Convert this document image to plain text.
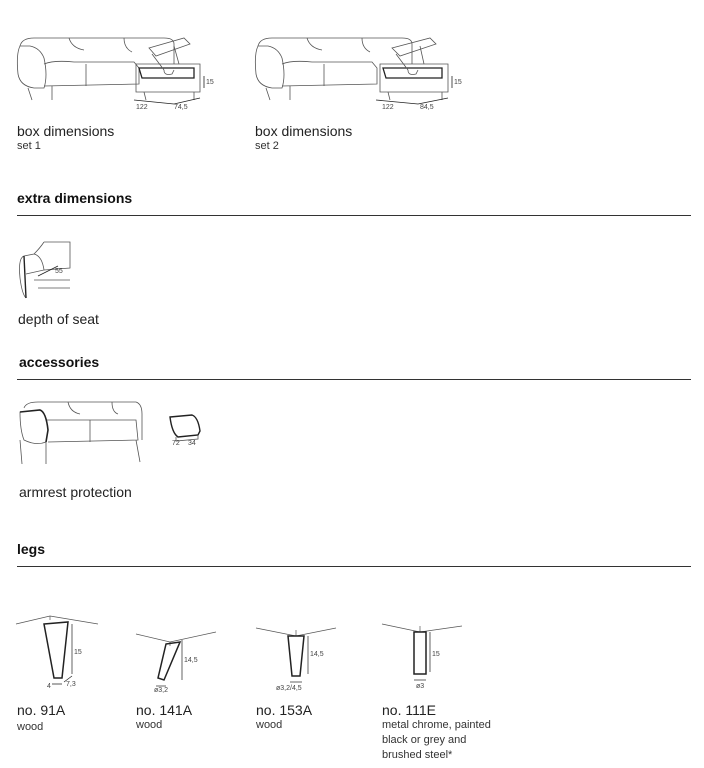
122	74,5
15
box dimensions
set 1
122	84,5
15
box dimensions
set 2
extra dimensions
55
depth of seat
accessories
72 34
armrest protection
legs
15
4 7,3
no. 91A
wood
14,5
ø3,2
no. 141A
wood
14,5
ø3,2/4,5
no. 153A
wood
15
ø3
no. 111E
metal chrome, painted black or grey and brushed steel*
